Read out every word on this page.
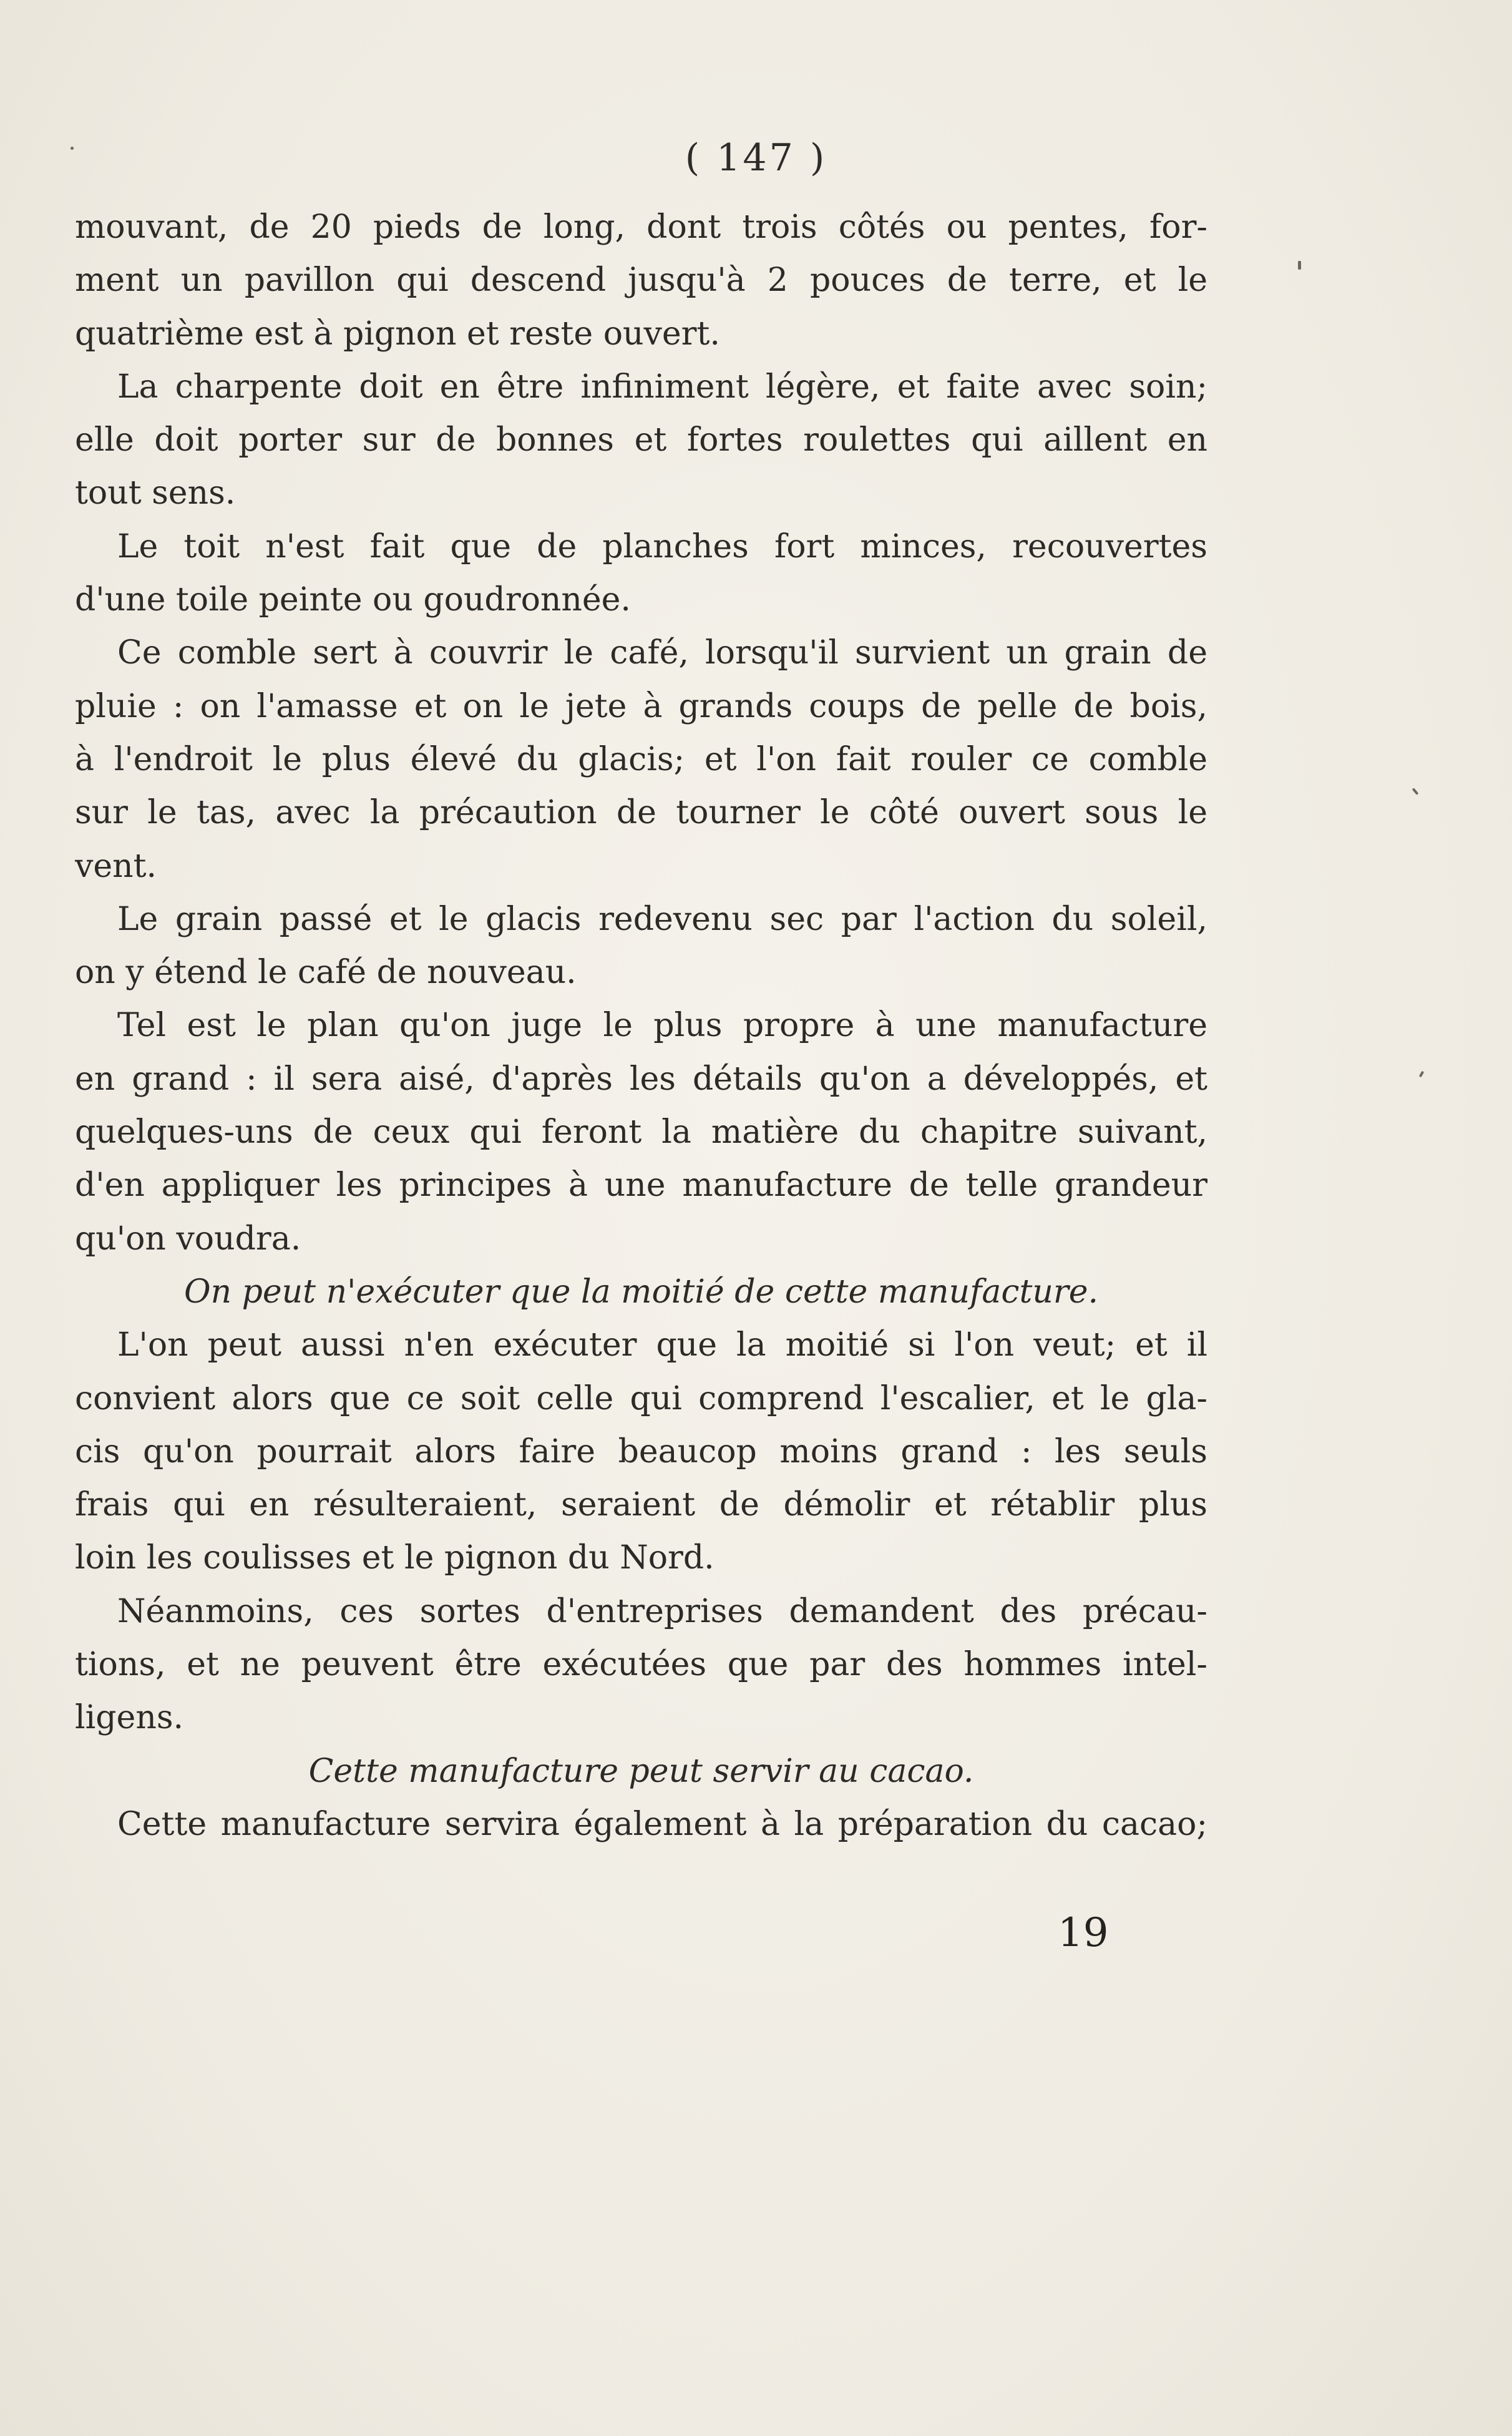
( 147 )
mouvant, de 20 pieds de long, dont trois côtés ou pentes, for-
ment un pavillon qui descend jusqu'à 2 pouces de terre, et le
quatrième est à pignon et reste ouvert.
La charpente doit en être infiniment légère, et faite avec soin;
elle doit porter sur de bonnes et fortes roulettes qui aillent en
tout sens.
Le toit n'est fait que de planches fort minces, recouvertes
d'une toile peinte ou goudronnée.
Ce comble sert à couvrir le café, lorsqu'il survient un grain de
pluie : on l'amasse et on le jete à grands coups de pelle de bois,
à l'endroit le plus élevé du glacis; et l'on fait rouler ce comble
sur le tas, avec la précaution de tourner le côté ouvert sous le
vent.
Le grain passé et le glacis redevenu sec par l'action du soleil,
on y étend le café de nouveau.
Tel est le plan qu'on juge le plus propre à une manufacture
en grand : il sera aisé, d'après les détails qu'on a développés, et
quelques-uns de ceux qui feront la matière du chapitre suivant,
d'en appliquer les principes à une manufacture de telle grandeur
qu'on voudra.
On peut n'exécuter que la moitié de cette manufacture.
L'on peut aussi n'en exécuter que la moitié si l'on veut; et il
convient alors que ce soit celle qui comprend l'escalier, et le gla-
cis qu'on pourrait alors faire beaucop moins grand : les seuls
frais qui en résulteraient, seraient de démolir et rétablir plus
loin les coulisses et le pignon du Nord.
Néanmoins, ces sortes d'entreprises demandent des précau-
tions, et ne peuvent être exécutées que par des hommes intel-
ligens.
Cette manufacture peut servir au cacao.
Cette manufacture servira également à la préparation du cacao;
19
